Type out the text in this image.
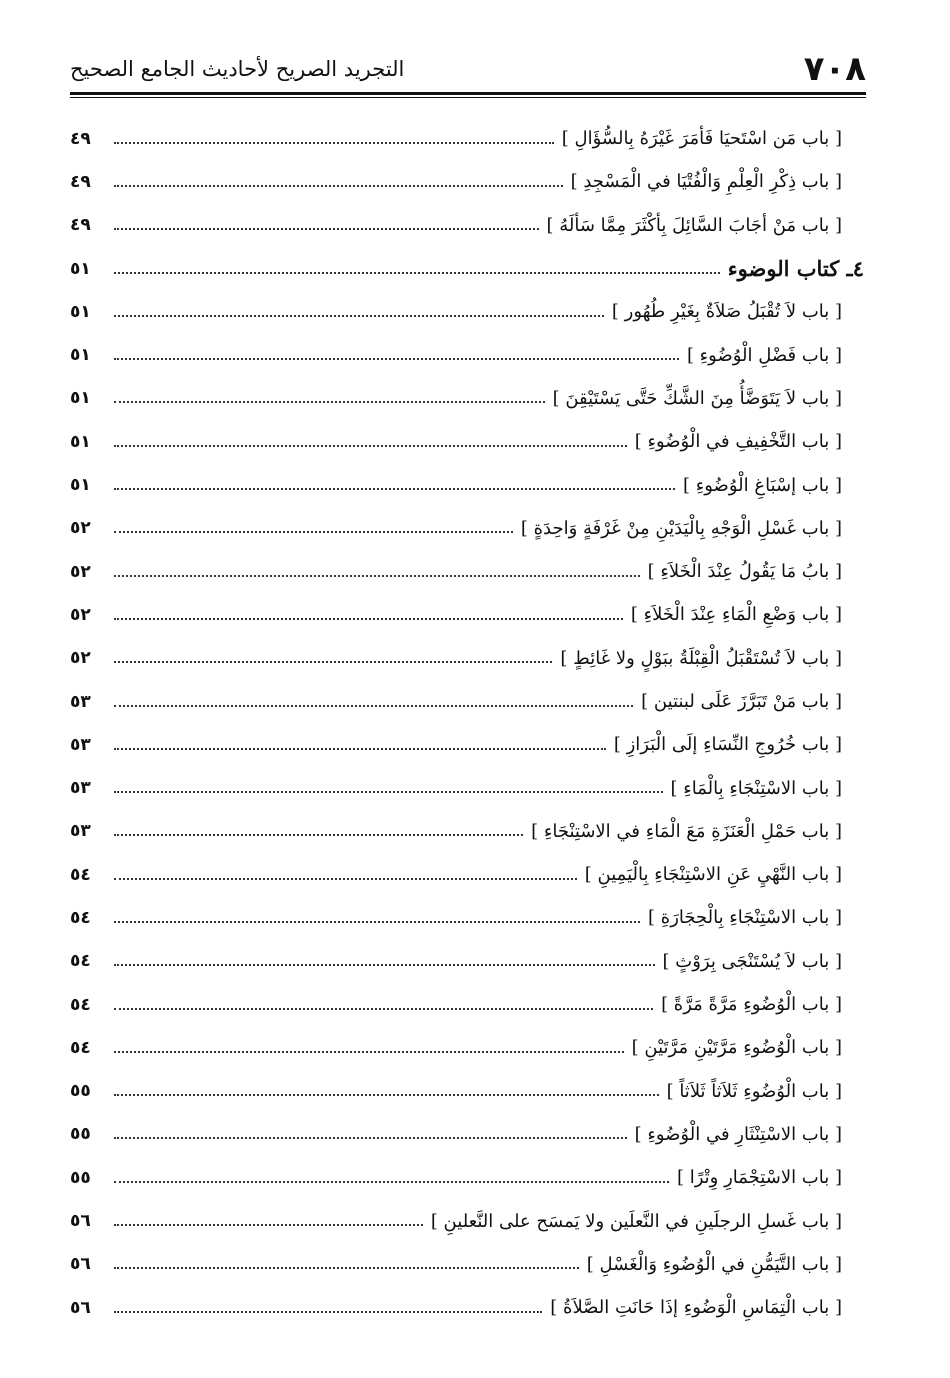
٧٠٨
التجريد الصريح لأحاديث الجامع الصحيح
[ باب مَن اسْتَحيَا فَأمَرَ غَيْرَهُ بِالسُّؤَالِ ]
٤٩
[ باب ذِكْرِ الْعِلْمِ وَالْفُتْيَا في الْمَسْجِدِ ]
٤٩
[ باب مَنْ أجَابَ السَّائِلَ بِأكْثَرَ مِمَّا سَألَهُ ]
٤٩
٤ـ كتاب الوضوء
٥١
[ باب لاَ تُقْبَلُ صَلاَةٌ بِغَيْرِ طُهُور ]
٥١
[ باب فَضْلِ الْوُضُوءِ ]
٥١
[ باب لاَ يَتَوَضَّأُ مِنَ الشَّكِّ حَتَّى يَسْتَيْقِنَ ]
٥١
[ باب التَّخْفِيفِ في الْوُضُوءِ ]
٥١
[ باب إسْبَاغِ الْوُضُوءِ ]
٥١
[ باب غَسْلِ الْوَجْهِ بِالْيَدَيْنِ مِنْ غَرْفَةٍ وَاحِدَةٍ ]
٥٢
[ بابُ مَا يَقُولُ عِنْدَ الْخَلاَءِ ]
٥٢
[ باب وَضْعِ الْمَاءِ عِنْدَ الْخَلاَءِ ]
٥٢
[ باب لاَ تُسْتَقْبَلُ الْقِبْلَةُ ببَوْلٍ ولا غَائِطٍ ]
٥٢
[ باب مَنْ تَبَرَّزَ عَلَى لبنتين ]
٥٣
[ باب خُرُوجِ النِّسَاءِ إلَى الْبَرَازِ ]
٥٣
[ باب الاسْتِنْجَاءِ بِالْمَاءِ ]
٥٣
[ باب حَمْلِ الْعَنَزَةِ مَعَ الْمَاءِ في الاسْتِنْجَاءِ ]
٥٣
[ باب النَّهْيِ عَنِ الاسْتِنْجَاءِ بِالْيَمِينِ ]
٥٤
[ باب الاسْتِنْجَاءِ بِالْحِجَارَةِ ]
٥٤
[ باب لاَ يُسْتَنْجَى بِرَوْثٍ ]
٥٤
[ باب الْوُضُوءِ مَرَّةً مَرَّةً ]
٥٤
[ باب الْوُضُوءِ مَرَّتَيْنِ مَرَّتَيْنِ ]
٥٤
[ باب الْوُضُوءِ ثَلاَثاً ثَلاَثاً ]
٥٥
[ باب الاسْتِنْثَارِ في الْوُضُوءِ ]
٥٥
[ باب الاسْتِجْمَارِ وِتْرًا ]
٥٥
[ باب غَسلِ الرجلَينِ في النَّعلَين ولا يَمسَح على النَّعلينِ ]
٥٦
[ باب التَّيَمُّنِ في الْوُضُوءِ وَالْغَسْلِ ]
٥٦
[ باب الْتِمَاسِ الْوَضُوءِ إذَا حَانَتِ الصَّلاَةُ ]
٥٦
